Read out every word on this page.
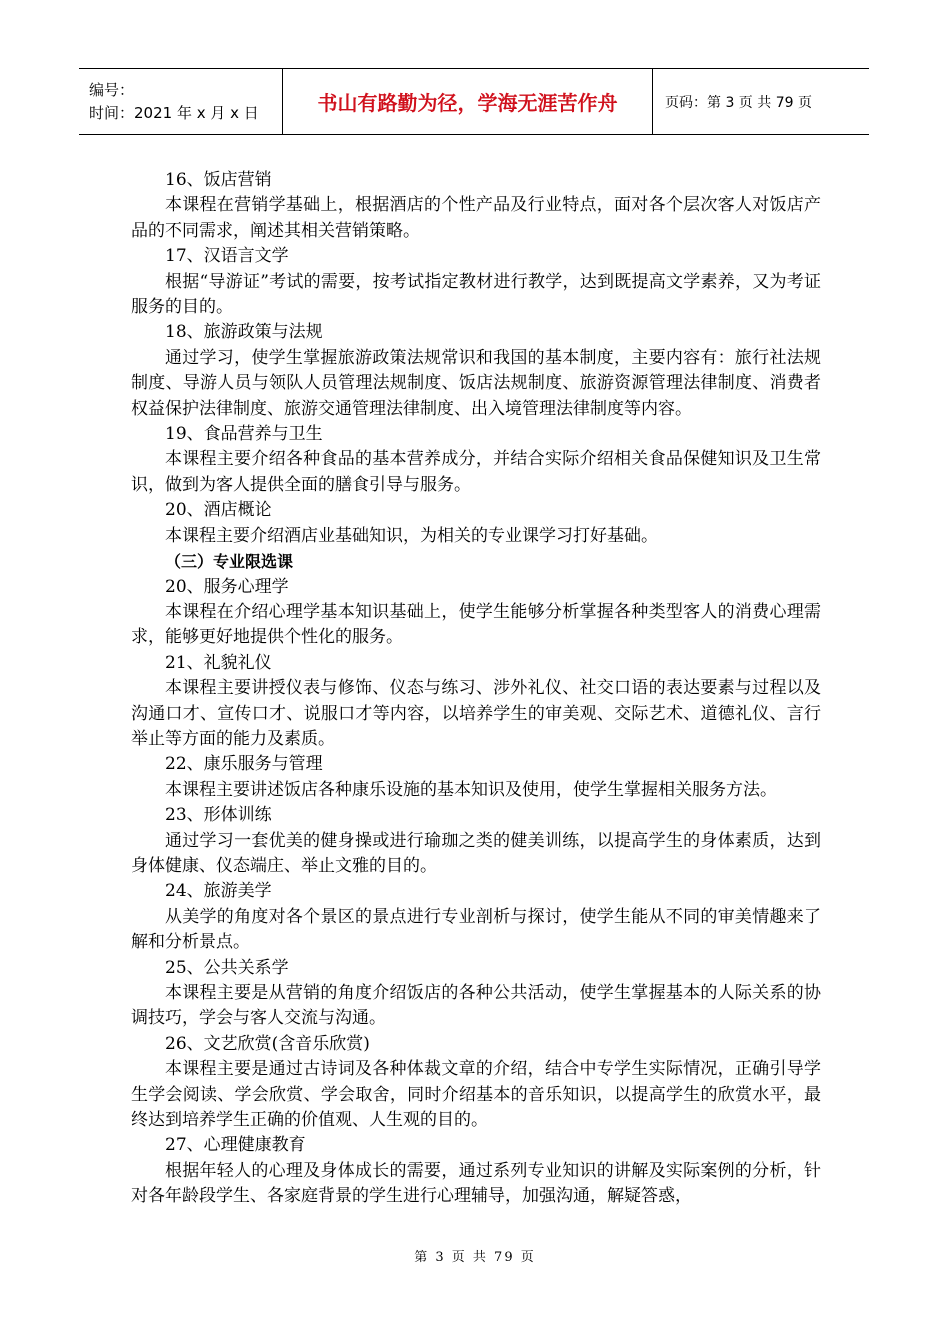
编号：
时间：2021 年 x 月 x 日	书山有路勤为径，学海无涯苦作舟	页码：第 3 页 共 79 页

16、饭店营销

本课程在营销学基础上，根据酒店的个性产品及行业特点，面对各个层次客人对饭店产品的不同需求，阐述其相关营销策略。

17、汉语言文学

根据“导游证”考试的需要，按考试指定教材进行教学，达到既提高文学素养，又为考证服务的目的。

18、旅游政策与法规

通过学习，使学生掌握旅游政策法规常识和我国的基本制度，主要内容有：旅行社法规制度、导游人员与领队人员管理法规制度、饭店法规制度、旅游资源管理法律制度、消费者权益保护法律制度、旅游交通管理法律制度、出入境管理法律制度等内容。

19、食品营养与卫生

本课程主要介绍各种食品的基本营养成分，并结合实际介绍相关食品保健知识及卫生常识，做到为客人提供全面的膳食引导与服务。

20、酒店概论

本课程主要介绍酒店业基础知识，为相关的专业课学习打好基础。

（三）专业限选课

20、服务心理学

本课程在介绍心理学基本知识基础上，使学生能够分析掌握各种类型客人的消费心理需求，能够更好地提供个性化的服务。

21、礼貌礼仪

本课程主要讲授仪表与修饰、仪态与练习、涉外礼仪、社交口语的表达要素与过程以及沟通口才、宣传口才、说服口才等内容，以培养学生的审美观、交际艺术、道德礼仪、言行举止等方面的能力及素质。

22、康乐服务与管理

本课程主要讲述饭店各种康乐设施的基本知识及使用，使学生掌握相关服务方法。

23、形体训练

通过学习一套优美的健身操或进行瑜珈之类的健美训练，以提高学生的身体素质，达到身体健康、仪态端庄、举止文雅的目的。

24、旅游美学

从美学的角度对各个景区的景点进行专业剖析与探讨，使学生能从不同的审美情趣来了解和分析景点。

25、公共关系学

本课程主要是从营销的角度介绍饭店的各种公共活动，使学生掌握基本的人际关系的协调技巧，学会与客人交流与沟通。

26、文艺欣赏(含音乐欣赏)

本课程主要是通过古诗词及各种体裁文章的介绍，结合中专学生实际情况，正确引导学生学会阅读、学会欣赏、学会取舍，同时介绍基本的音乐知识，以提高学生的欣赏水平，最终达到培养学生正确的价值观、人生观的目的。

27、心理健康教育

根据年轻人的心理及身体成长的需要，通过系列专业知识的讲解及实际案例的分析，针对各年龄段学生、各家庭背景的学生进行心理辅导，加强沟通，解疑答惑，

第 3 页 共 79 页
